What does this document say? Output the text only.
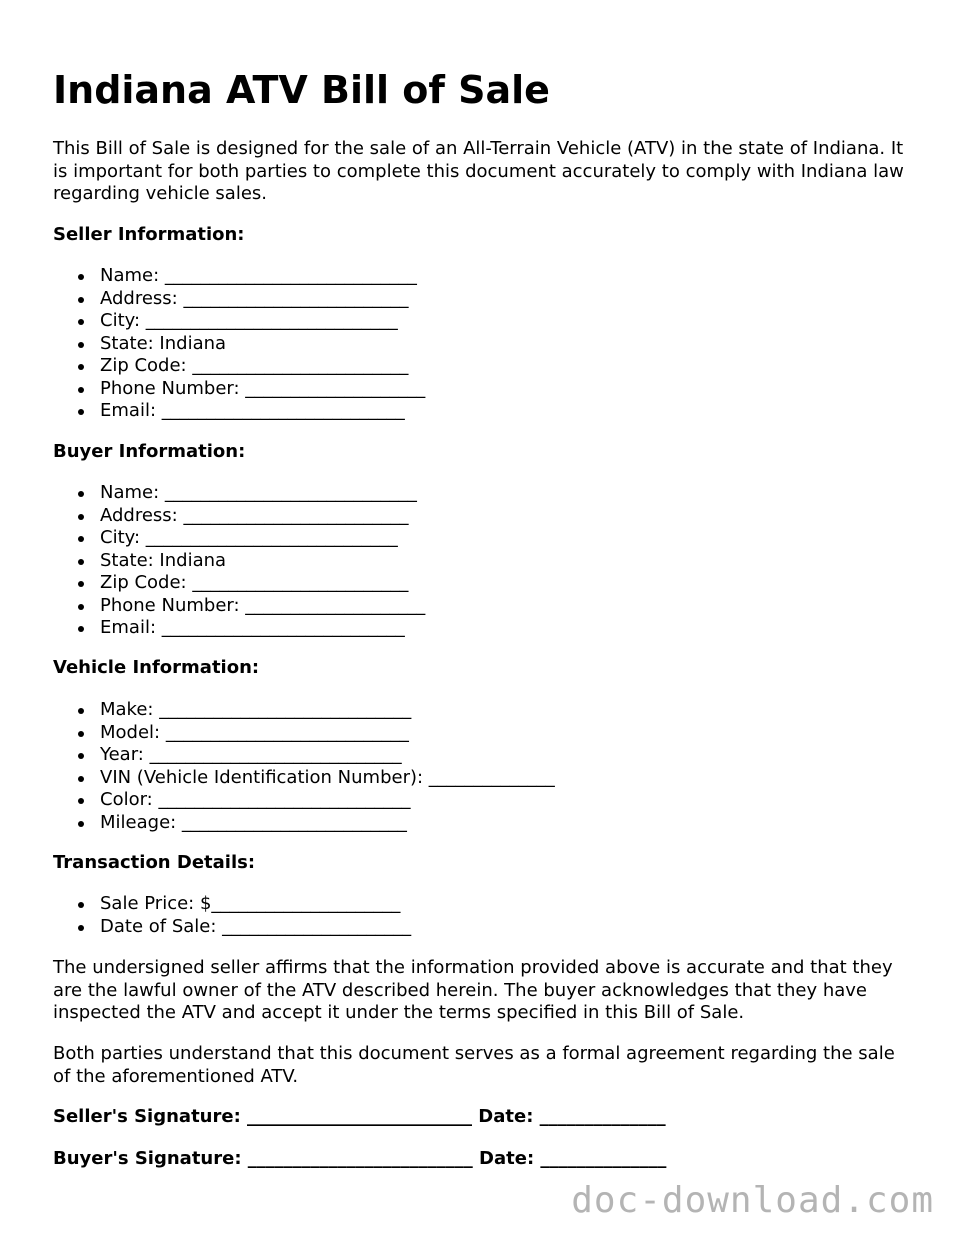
Indiana ATV Bill of Sale

This Bill of Sale is designed for the sale of an All-Terrain Vehicle (ATV) in the state of Indiana. It is important for both parties to complete this document accurately to comply with Indiana law regarding vehicle sales.

Seller Information:

Name: ____________________________
Address: _________________________
City: ____________________________
State: Indiana
Zip Code: ________________________
Phone Number: ____________________
Email: ___________________________

Buyer Information:

Name: ____________________________
Address: _________________________
City: ____________________________
State: Indiana
Zip Code: ________________________
Phone Number: ____________________
Email: ___________________________

Vehicle Information:

Make: ____________________________
Model: ___________________________
Year: ____________________________
VIN (Vehicle Identification Number): ______________
Color: ____________________________
Mileage: _________________________

Transaction Details:

Sale Price: $_____________________
Date of Sale: _____________________

The undersigned seller affirms that the information provided above is accurate and that they are the lawful owner of the ATV described herein. The buyer acknowledges that they have inspected the ATV and accept it under the terms specified in this Bill of Sale.

Both parties understand that this document serves as a formal agreement regarding the sale of the aforementioned ATV.

Seller's Signature: _________________________ Date: ______________

Buyer's Signature: _________________________ Date: ______________

doc-download.com
